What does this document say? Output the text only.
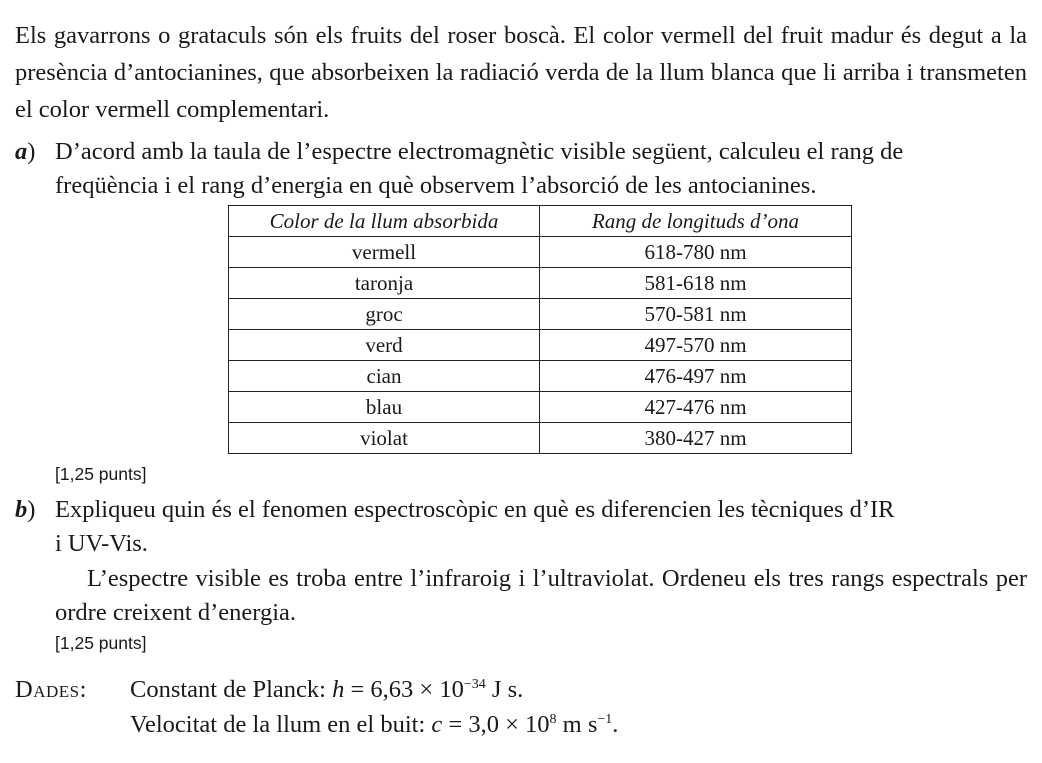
Els gavarrons o grataculs són els fruits del roser boscà. El color vermell del fruit madur és degut a la presència d’antocianines, que absorbeixen la radiació verda de la llum blanca que li arriba i transmeten el color vermell complementari.

a) D’acord amb la taula de l’espectre electromagnètic visible següent, calculeu el rang de
freqüència i el rang d’energia en què observem l’absorció de les antocianines.
Color de la llum absorbida	Rang de longituds d’ona
vermell	618-780 nm
taronja	581-618 nm
groc	570-581 nm
verd	497-570 nm
cian	476-497 nm
blau	427-476 nm
violat	380-427 nm

[1,25 punts]

b) Expliqueu quin és el fenomen espectroscòpic en què es diferencien les tècniques d’IR
i UV-Vis.

L’espectre visible es troba entre l’infraroig i l’ultraviolat. Ordeneu els tres rangs espectrals per ordre creixent d’energia.

[1,25 punts]

Dades: Constant de Planck: $h = 6,63 \times 10^{-34}$ J s.
Velocitat de la llum en el buit: $c = 3,0 \times 10^8$ m $s^{-1}$.
